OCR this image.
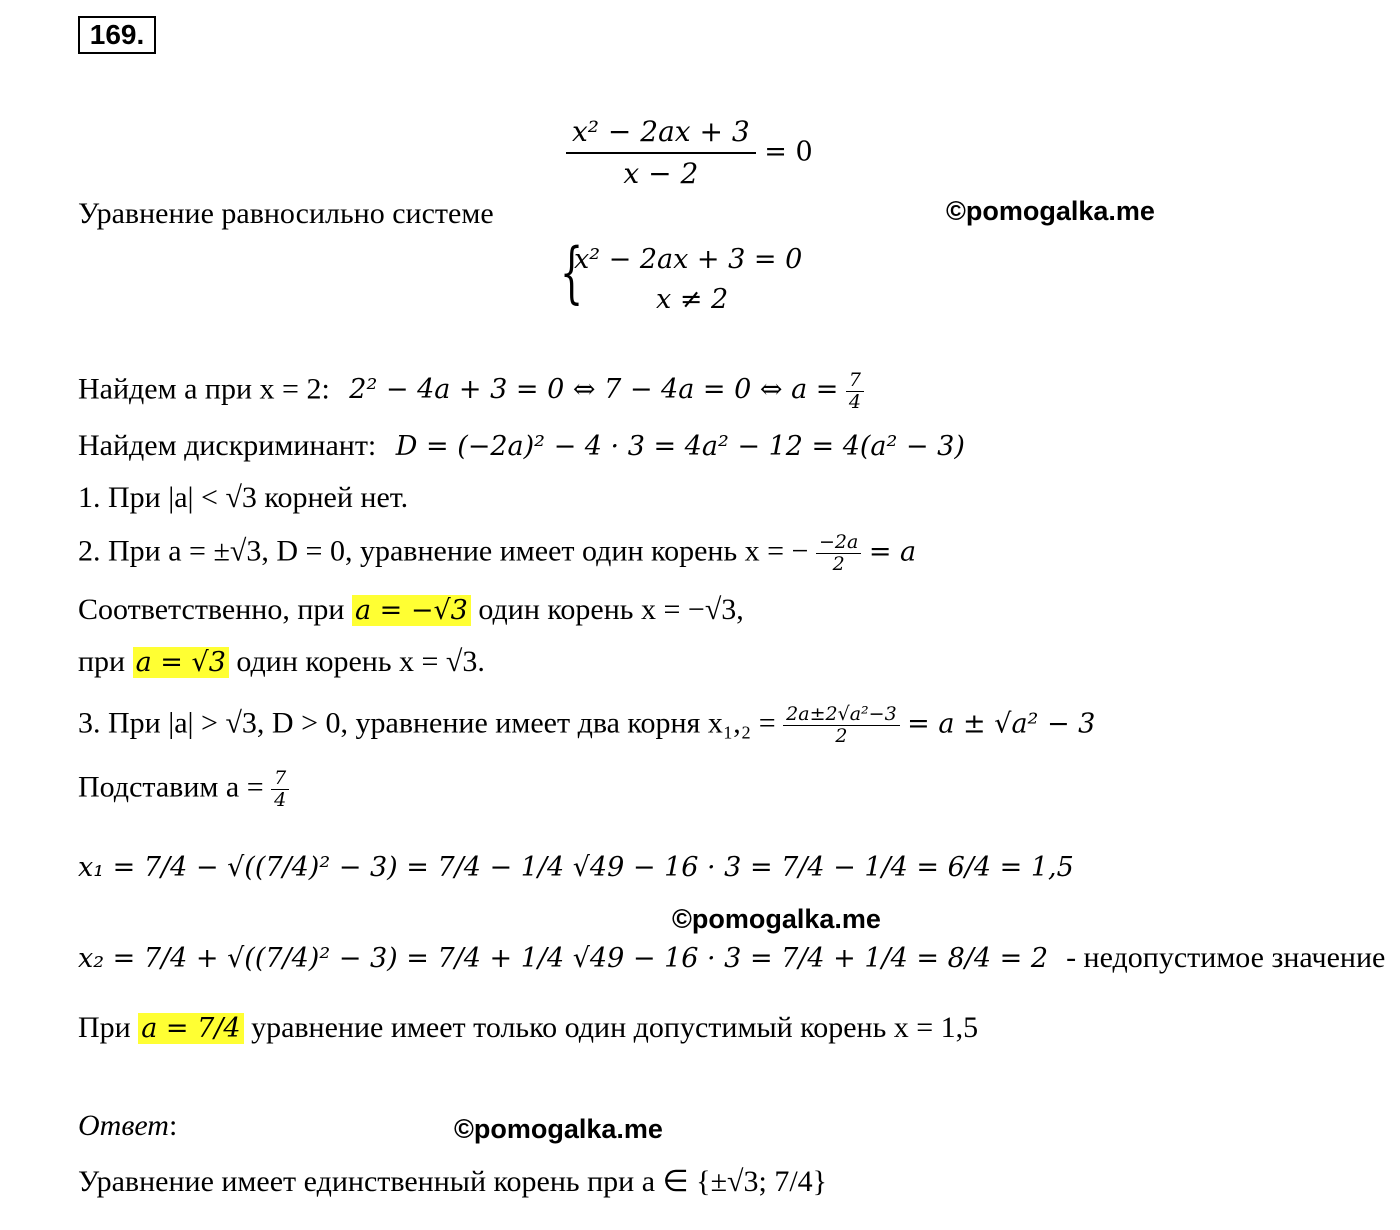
169.
$\frac{\text{x² − 2ax + 3}}{x - 2} = 0$
Уравнение равносильно системе	©pomogalka.me
{
x² − 2ax + 3 = 0
x ≠ 2
Найдем a при x = 2: 2² − 4a + 3 = 0 ⇔ 7 − 4a = 0 ⇔ $a = \frac{7}{4}$
Найдем дискриминант: D = (−2a)² − 4 · 3 = 4a² − 12 = 4(a² − 3)
1. При |a| < √3 корней нет.
2. При a = ±√3, D = 0, уравнение имеет один корень x = − $\frac{-2a}{2} = a$
Соответственно, при a = −√3 один корень x = −√3,
при a = √3 один корень x = √3.
3. При |a| > √3, D > 0, уравнение имеет два корня $x_1,_2 = \frac{\text{2a±2√a²−3}}{2} = a \pm √a^2 - 3$
Подставим $a = \frac{7}{4}$
x₁ = 7/4 − √((7/4)² − 3) = 7/4 − 1/4 √49 − 16 · 3 = 7/4 − 1/4 = 6/4 = 1,5
©pomogalka.me
x₂ = 7/4 + √((7/4)² − 3) = 7/4 + 1/4 √49 − 16 · 3 = 7/4 + 1/4 = 8/4 = 2 - недопустимое значение
При a = 7/4 уравнение имеет только один допустимый корень x = 1,5
Ответ:	©pomogalka.me
Уравнение имеет единственный корень при a ∈ {±√3; 7/4}
